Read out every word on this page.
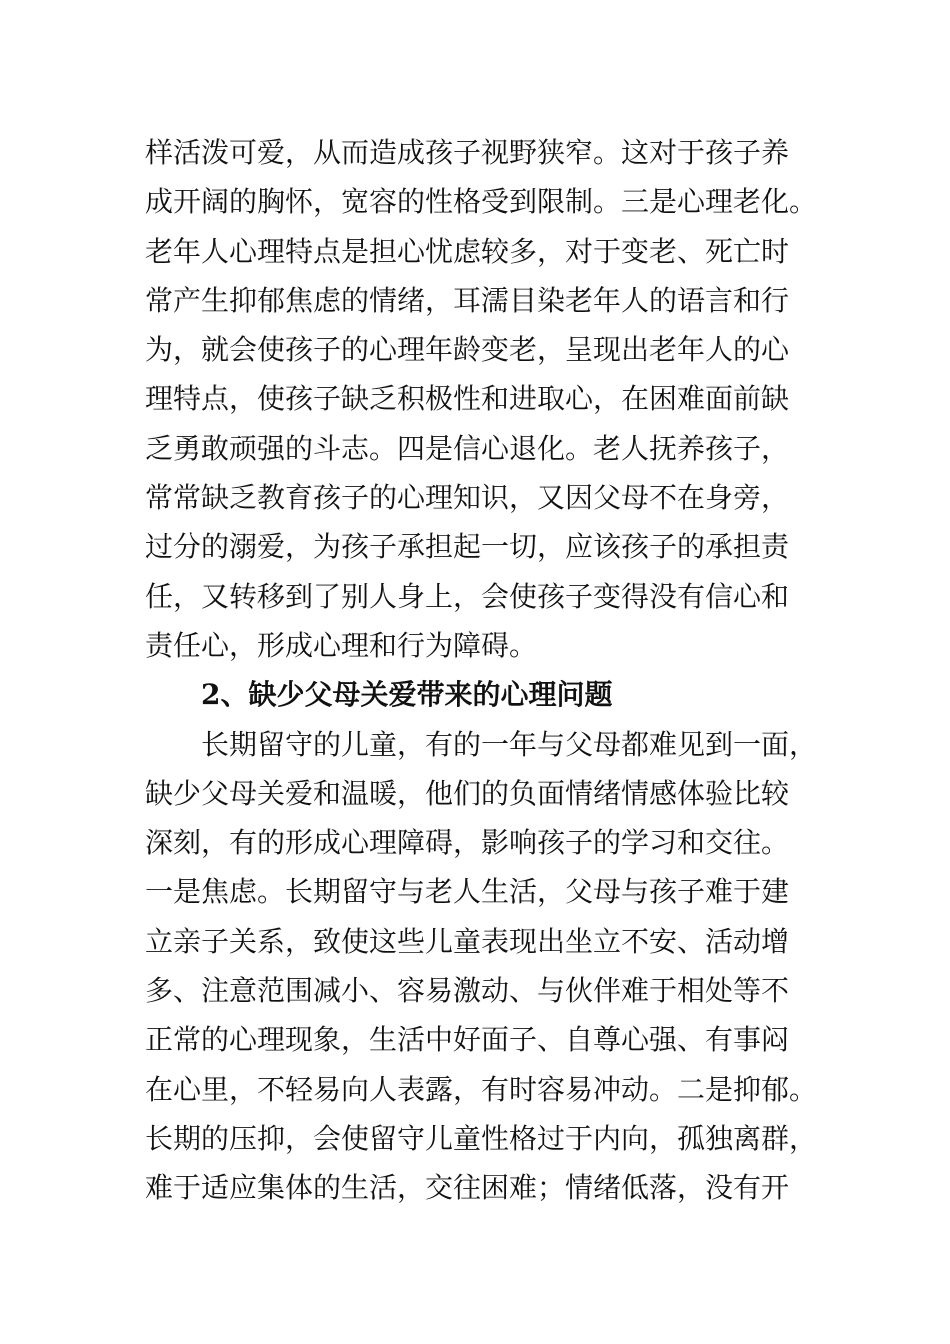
样活泼可爱，从而造成孩子视野狭窄。这对于孩子养
成开阔的胸怀，宽容的性格受到限制。三是心理老化。
老年人心理特点是担心忧虑较多，对于变老、死亡时
常产生抑郁焦虑的情绪，耳濡目染老年人的语言和行
为，就会使孩子的心理年龄变老，呈现出老年人的心
理特点，使孩子缺乏积极性和进取心，在困难面前缺
乏勇敢顽强的斗志。四是信心退化。老人抚养孩子，
常常缺乏教育孩子的心理知识，又因父母不在身旁，
过分的溺爱，为孩子承担起一切，应该孩子的承担责
任，又转移到了别人身上，会使孩子变得没有信心和
责任心，形成心理和行为障碍。
2、缺少父母关爱带来的心理问题
长期留守的儿童，有的一年与父母都难见到一面，
缺少父母关爱和温暖，他们的负面情绪情感体验比较
深刻，有的形成心理障碍，影响孩子的学习和交往。
一是焦虑。长期留守与老人生活，父母与孩子难于建
立亲子关系，致使这些儿童表现出坐立不安、活动增
多、注意范围减小、容易激动、与伙伴难于相处等不
正常的心理现象，生活中好面子、自尊心强、有事闷
在心里，不轻易向人表露，有时容易冲动。二是抑郁。
长期的压抑，会使留守儿童性格过于内向，孤独离群，
难于适应集体的生活，交往困难；情绪低落，没有开
